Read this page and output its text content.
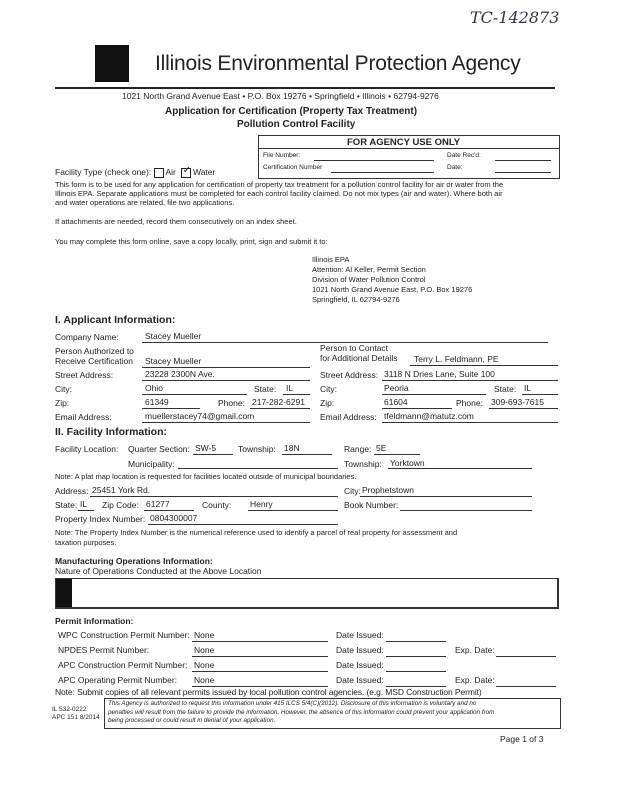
TC-142873
Illinois Environmental Protection Agency
1021 North Grand Avenue East • P.O. Box 19276 • Springfield • Illinois • 62794-9276
Application for Certification (Property Tax Treatment)
Pollution Control Facility
FOR AGENCY USE ONLY
File Number:	Date Rec'd:
Certification Number	Date:
Facility Type (check one): Air ✓ Water
This form is to be used for any application for certification of property tax treatment for a pollution control facility for air or water from the
Illinois EPA. Separate applications must be completed for each control facility claimed. Do not mix types (air and water). Where both air
and water operations are related, file two applications.
If attachments are needed, record them consecutively on an index sheet.
You may complete this form online, save a copy locally, print, sign and submit it to:
Illinois EPA
Attention: Al Keller, Permit Section
Division of Water Pollution Control
1021 North Grand Avenue East, P.O. Box 19276
Springfield, IL 62794-9276
I. Applicant Information:
Company Name:	Stacey Mueller
Person Authorized to
Receive Certification Stacey Mueller
Person to Contact
for Additional Details Terry L. Feldmann, PE
Street Address:	23228 2300N Ave.	Street Address: 3118 N Dries Lane, Suite 100
City:	Ohio	State: IL	City:	Peoria	State: IL
Zip:	61349	Phone: 217-282-6291 Zip:	61604	Phone: 309-693-7615
Email Address:	muellerstacey74@gmail.com	Email Address: tfeldmann@matutz.com
II. Facility Information:
Facility Location: Quarter Section: SW-5	Township: 18N	Range: 5E
Municipality:	Township: Yorktown
Note: A plat map location is requested for facilities located outside of municipal boundaries.
Address: 25451 York Rd.	City: Prophetstown
State: IL Zip Code: 61277	County: Henry	Book Number:
Property Index Number: 0804300007
Note: The Property Index Number is the numerical reference used to identify a parcel of real property for assessment and
taxation purposes.
Manufacturing Operations Information:
Nature of Operations Conducted at the Above Location
Permit Information:
WPC Construction Permit Number: None	Date Issued:
NPDES Permit Number:	None	Date Issued:	Exp. Date:
APC Construction Permit Number: None	Date Issued:
APC Operating Permit Number: None	Date Issued:	Exp. Date:
Note: Submit copies of all relevant permits issued by local pollution control agencies. (e.g. MSD Construction Permit)
IL 532-0222
APC 151 8/2014
This Agency is authorized to request this information under 415 ILCS 5/4(C)(2012). Disclosure of this information is voluntary and no
penalties will result from the failure to provide the information. However, the absence of this information could prevent your application from
being processed or could result in denial of your application.
Page 1 of 3
